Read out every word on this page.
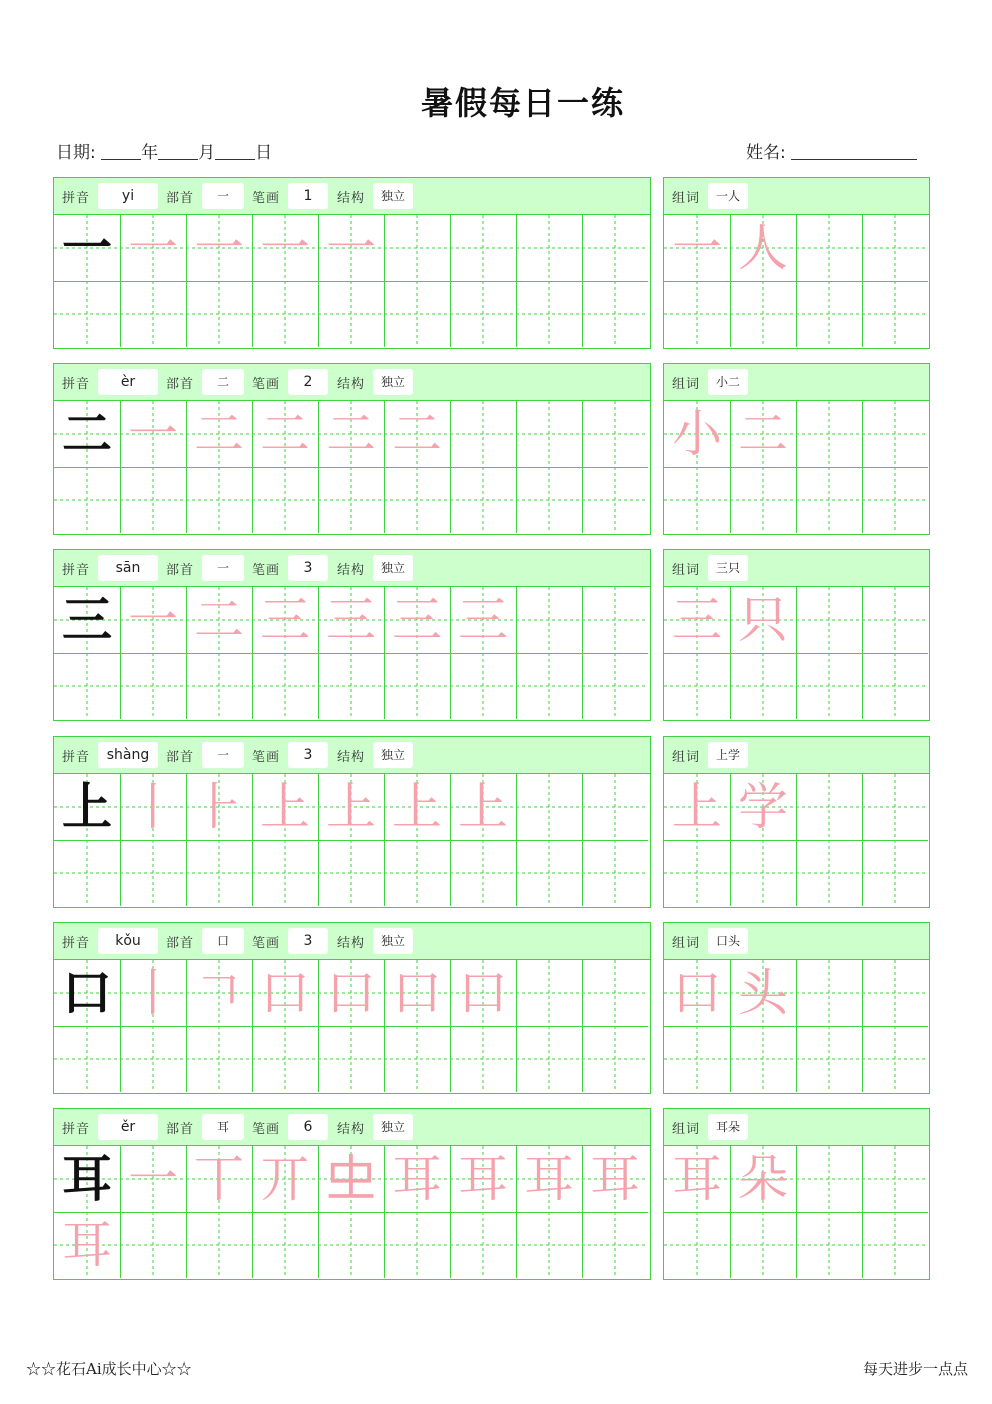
暑假每日一练
日期:	年 月 日	姓名:
拼音	yi	部首	一	笔画	1	结构	独立
一 一 一 一 一
组词	一人
一 人
拼音	èr	部首	二	笔画	2	结构	独立
二 一 二 二 二 二
组词	小二
小 二
拼音	sān	部首	一	笔画	3	结构	独立
三 一 二 三 三 三 三
组词	三只
三 只
拼音	shàng	部首	一	笔画	3	结构	独立
上 丨 ⺊ 上 上 上 上
组词	上学
上 学
拼音	kǒu	部首	口	笔画	3	结构	独立
口 丨 𠃍 口 口 口 口
组词	口头
口 头
拼音	ěr	部首	耳	笔画	6	结构	独立
耳 一 丅 丌 𠀐 耳 耳 耳 耳
耳
组词	耳朵
耳 朵
☆☆花石Ai成长中心☆☆	每天进步一点点
